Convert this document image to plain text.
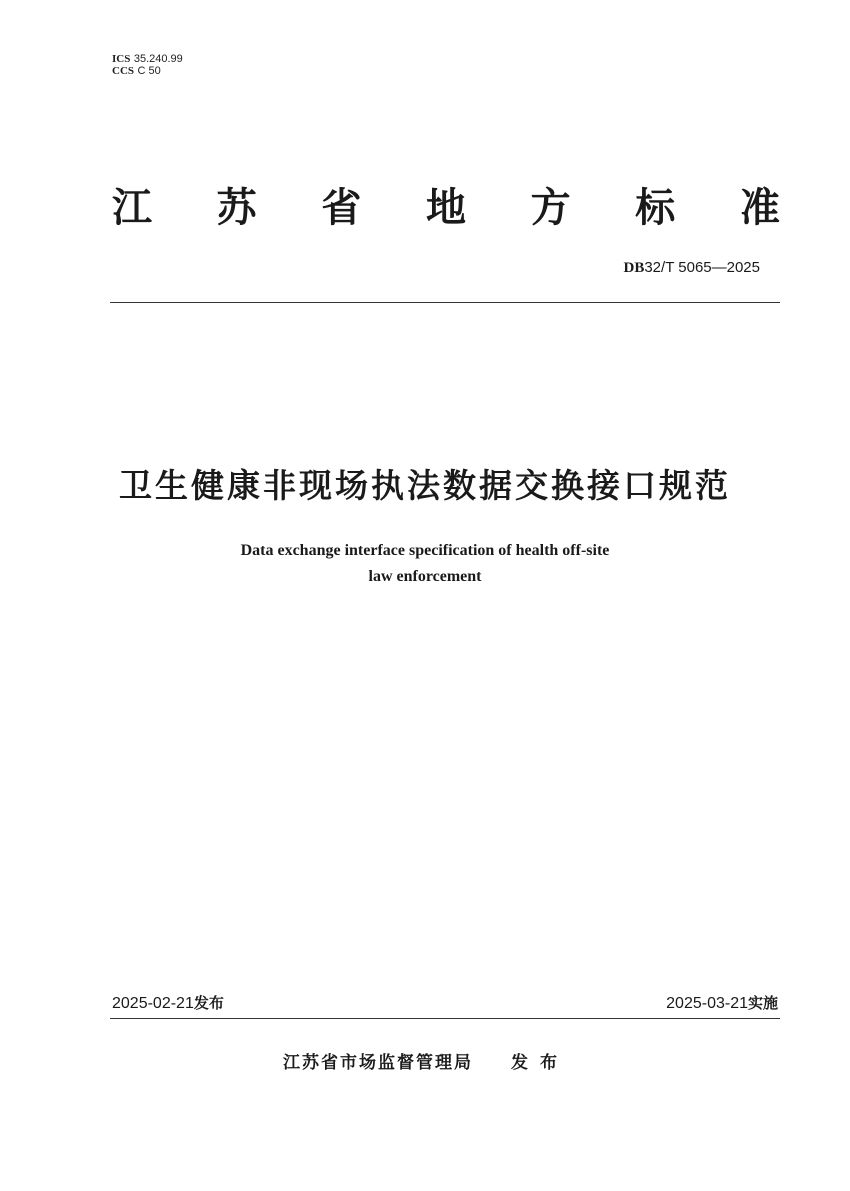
ICS 35.240.99
CCS C 50
江 苏 省 地 方 标 准
DB32/T 5065—2025
卫生健康非现场执法数据交换接口规范
Data exchange interface specification of health off-site
law enforcement
2025-02-21发布	2025-03-21实施
江苏省市场监督管理局 发布
